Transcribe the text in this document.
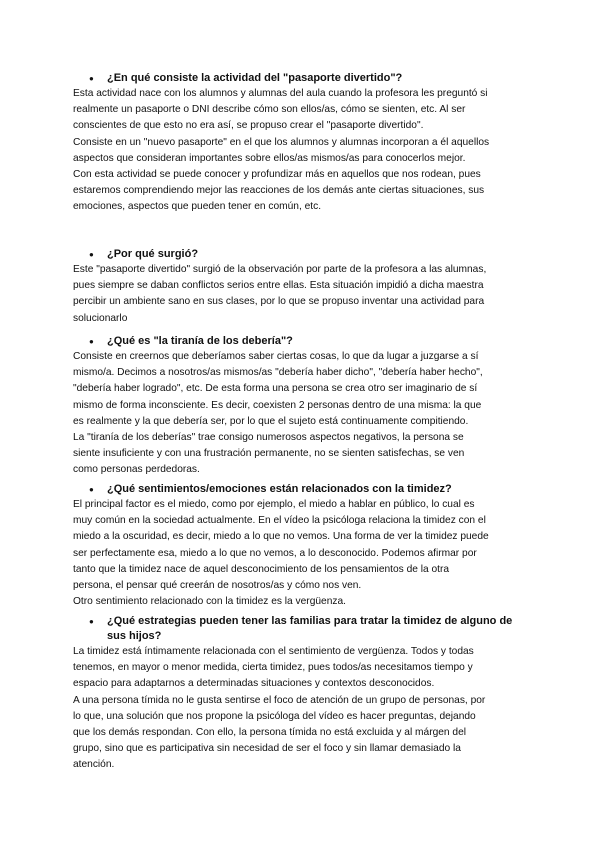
● ¿En qué consiste la actividad del "pasaporte divertido"?

Esta actividad nace con los alumnos y alumnas del aula cuando la profesora les preguntó si
realmente un pasaporte o DNI describe cómo son ellos/as, cómo se sienten, etc. Al ser
conscientes de que esto no era así, se propuso crear el "pasaporte divertido".
Consiste en un "nuevo pasaporte" en el que los alumnos y alumnas incorporan a él aquellos
aspectos que consideran importantes sobre ellos/as mismos/as para conocerlos mejor.
Con esta actividad se puede conocer y profundizar más en aquellos que nos rodean, pues
estaremos comprendiendo mejor las reacciones de los demás ante ciertas situaciones, sus
emociones, aspectos que pueden tener en común, etc.

● ¿Por qué surgió?

Este "pasaporte divertido" surgió de la observación por parte de la profesora a las alumnas,
pues siempre se daban conflictos serios entre ellas. Esta situación impidió a dicha maestra
percibir un ambiente sano en sus clases, por lo que se propuso inventar una actividad para
solucionarlo

● ¿Qué es "la tiranía de los debería"?

Consiste en creernos que deberíamos saber ciertas cosas, lo que da lugar a juzgarse a sí
mismo/a. Decimos a nosotros/as mismos/as "debería haber dicho", "debería haber hecho",
"debería haber logrado", etc. De esta forma una persona se crea otro ser imaginario de sí
mismo de forma inconsciente. Es decir, coexisten 2 personas dentro de una misma: la que
es realmente y la que debería ser, por lo que el sujeto está continuamente compitiendo.
La "tiranía de los deberías" trae consigo numerosos aspectos negativos, la persona se
siente insuficiente y con una frustración permanente, no se sienten satisfechas, se ven
como personas perdedoras.

● ¿Qué sentimientos/emociones están relacionados con la timidez?

El principal factor es el miedo, como por ejemplo, el miedo a hablar en público, lo cual es
muy común en la sociedad actualmente. En el vídeo la psicóloga relaciona la timidez con el
miedo a la oscuridad, es decir, miedo a lo que no vemos. Una forma de ver la timidez puede
ser perfectamente esa, miedo a lo que no vemos, a lo desconocido. Podemos afirmar por
tanto que la timidez nace de aquel desconocimiento de los pensamientos de la otra
persona, el pensar qué creerán de nosotros/as y cómo nos ven.
Otro sentimiento relacionado con la timidez es la vergüenza.

● ¿Qué estrategias pueden tener las familias para tratar la timidez de alguno de
sus hijos?

La timidez está íntimamente relacionada con el sentimiento de vergüenza. Todos y todas
tenemos, en mayor o menor medida, cierta timidez, pues todos/as necesitamos tiempo y
espacio para adaptarnos a determinadas situaciones y contextos desconocidos.
A una persona tímida no le gusta sentirse el foco de atención de un grupo de personas, por
lo que, una solución que nos propone la psicóloga del vídeo es hacer preguntas, dejando
que los demás respondan. Con ello, la persona tímida no está excluida y al márgen del
grupo, sino que es participativa sin necesidad de ser el foco y sin llamar demasiado la
atención.
